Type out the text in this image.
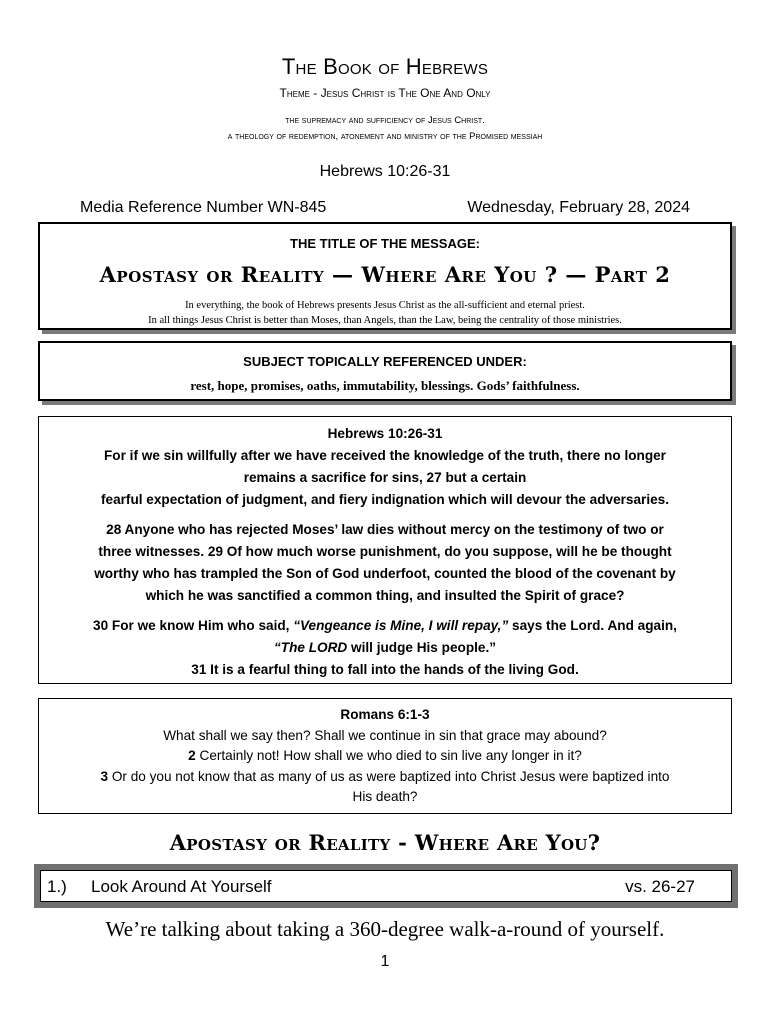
The Book of Hebrews
Theme - Jesus Christ is The One And Only
the supremacy and sufficiency of Jesus Christ.
a theology of redemption, atonement and ministry of the Promised messiah
Hebrews 10:26-31
Media Reference Number WN-845	Wednesday, February 28, 2024
THE TITLE OF THE MESSAGE:
Apostasy or Reality — Where Are You ? — Part 2
In everything, the book of Hebrews presents Jesus Christ as the all-sufficient and eternal priest.
In all things Jesus Christ is better than Moses, than Angels, than the Law, being the centrality of those ministries.
SUBJECT TOPICALLY REFERENCED UNDER:
rest, hope, promises, oaths, immutability, blessings. Gods’ faithfulness.

Hebrews 10:26-31

For if we sin willfully after we have received the knowledge of the truth, there no longer

remains a sacrifice for sins, 27 but a certain

fearful expectation of judgment, and fiery indignation which will devour the adversaries.

28 Anyone who has rejected Moses’ law dies without mercy on the testimony of two or

three witnesses. 29 Of how much worse punishment, do you suppose, will he be thought

worthy who has trampled the Son of God underfoot, counted the blood of the covenant by

which he was sanctified a common thing, and insulted the Spirit of grace?

30 For we know Him who said, “Vengeance is Mine, I will repay,” says the Lord. And again,

“The LORD will judge His people.”

31 It is a fearful thing to fall into the hands of the living God.

Romans 6:1-3

What shall we say then? Shall we continue in sin that grace may abound?

2 Certainly not! How shall we who died to sin live any longer in it?

3 Or do you not know that as many of us as were baptized into Christ Jesus were baptized into

His death?

Apostasy or Reality - Where Are You?
1.) Look Around At Yourself	vs. 26-27
We’re talking about taking a 360-degree walk-a-round of yourself.
1
